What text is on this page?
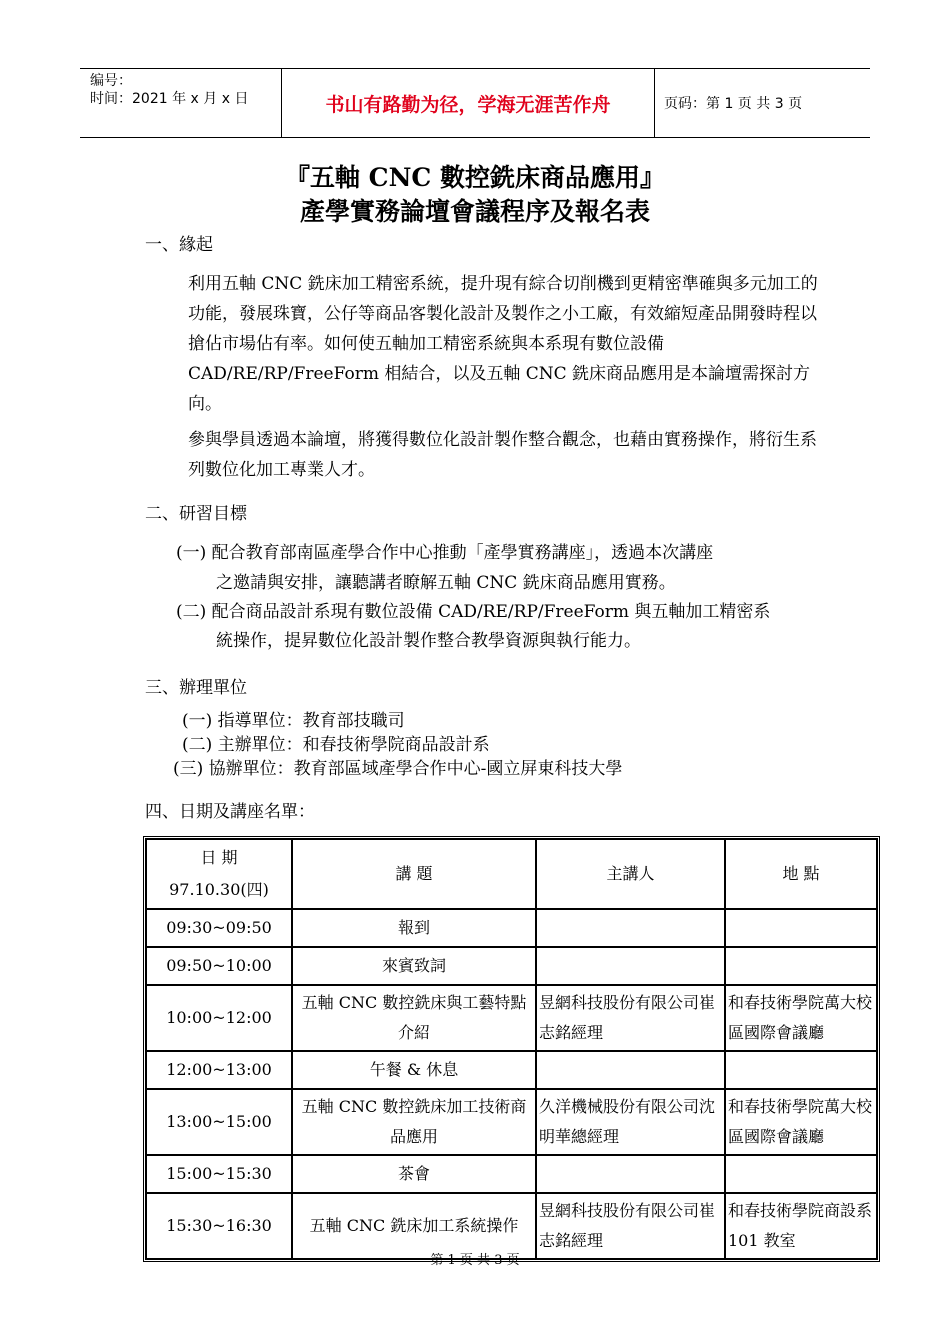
编号：
时间：2021 年 x 月 x 日	书山有路勤为径，学海无涯苦作舟	页码：第 1 页 共 3 页
『五軸 CNC 數控銑床商品應用』
產學實務論壇會議程序及報名表
一、緣起
利用五軸 CNC 銑床加工精密系統，提升現有綜合切削機到更精密準確與多元加工的功能，發展珠寶，公仔等商品客製化設計及製作之小工廠，有效縮短產品開發時程以搶佔市場佔有率。如何使五軸加工精密系統與本系現有數位設備 CAD/RE/RP/FreeForm 相結合，以及五軸 CNC 銑床商品應用是本論壇需探討方向。
參與學員透過本論壇，將獲得數位化設計製作整合觀念，也藉由實務操作，將衍生系列數位化加工專業人才。
二、研習目標
(一) 配合教育部南區產學合作中心推動「產學實務講座」，透過本次講座
之邀請與安排，讓聽講者瞭解五軸 CNC 銑床商品應用實務。
(二) 配合商品設計系現有數位設備 CAD/RE/RP/FreeForm 與五軸加工精密系
統操作，提昇數位化設計製作整合教學資源與執行能力。
三、辦理單位
(一) 指導單位：教育部技職司
(二) 主辦單位：和春技術學院商品設計系
(三) 協辦單位：教育部區域產學合作中心-國立屏東科技大學
四、日期及講座名單：
日 期
97.10.30(四)	講 題	主講人	地 點
09:30~09:50	報到		
09:50~10:00	來賓致詞		
10:00~12:00	五軸 CNC 數控銑床與工藝特點介紹	昱網科技股份有限公司崔志銘經理	和春技術學院萬大校區國際會議廳
12:00~13:00	午餐 & 休息		
13:00~15:00	五軸 CNC 數控銑床加工技術商品應用	久洋機械股份有限公司沈明華總經理	和春技術學院萬大校區國際會議廳
15:00~15:30	茶會		
15:30~16:30	五軸 CNC 銑床加工系統操作	昱網科技股份有限公司崔志銘經理	和春技術學院商設系 101 教室
第 1 页 共 3 页
